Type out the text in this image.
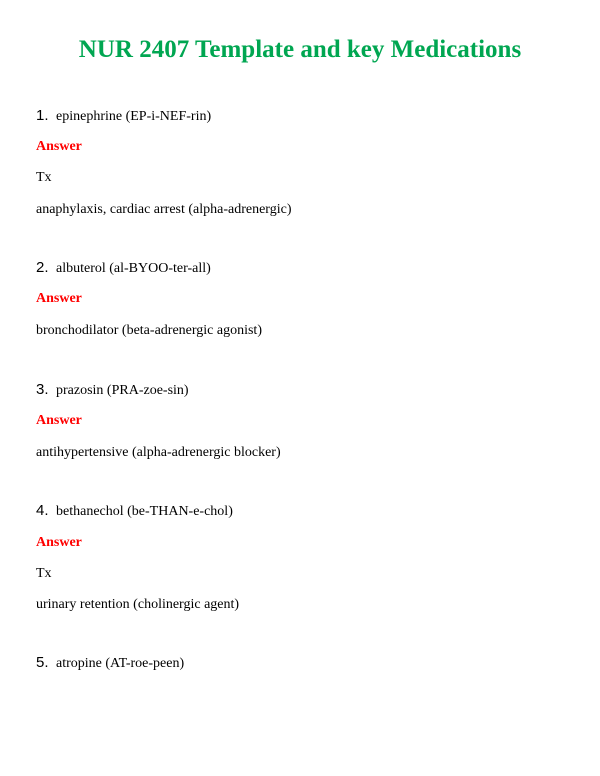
NUR 2407 Template and key Medications
1. epinephrine (EP-i-NEF-rin)
Answer
Tx
anaphylaxis, cardiac arrest (alpha-adrenergic)
2. albuterol (al-BYOO-ter-all)
Answer
bronchodilator (beta-adrenergic agonist)
3. prazosin (PRA-zoe-sin)
Answer
antihypertensive (alpha-adrenergic blocker)
4. bethanechol (be-THAN-e-chol)
Answer
Tx
urinary retention (cholinergic agent)
5. atropine (AT-roe-peen)
